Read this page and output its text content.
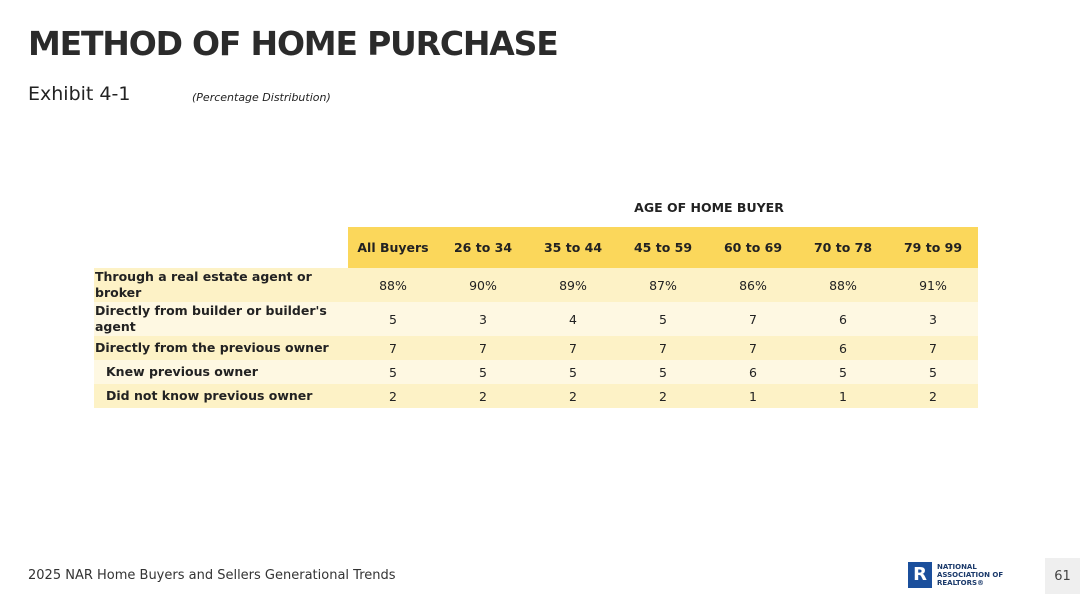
METHOD OF HOME PURCHASE
Exhibit 4-1	(Percentage Distribution)
AGE OF HOME BUYER
	All Buyers	26 to 34	35 to 44	45 to 59	60 to 69	70 to 78	79 to 99
Through a real estate agent or broker	88%	90%	89%	87%	86%	88%	91%
Directly from builder or builder's agent	5	3	4	5	7	6	3
Directly from the previous owner	7	7	7	7	7	6	7
Knew previous owner	5	5	5	5	6	5	5
Did not know previous owner	2	2	2	2	1	1	2
2025 NAR Home Buyers and Sellers Generational Trends	R NATIONAL
ASSOCIATION OF
REALTORS®	61
